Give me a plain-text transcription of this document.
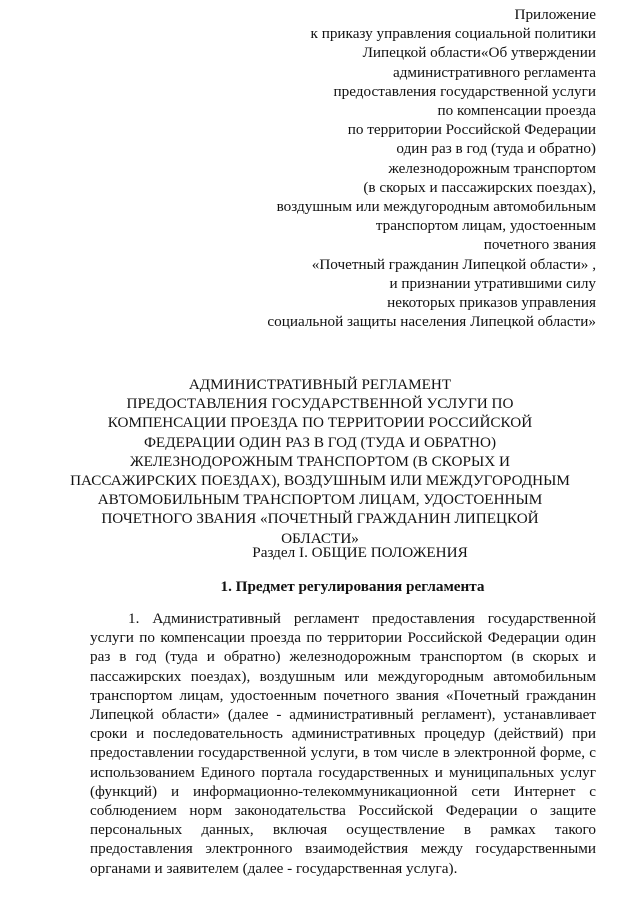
Приложение
к приказу управления социальной политики
Липецкой области«Об утверждении
административного регламента
предоставления государственной услуги
по компенсации проезда
по территории Российской Федерации
один раз в год (туда и обратно)
железнодорожным транспортом
(в скорых и пассажирских поездах),
воздушным или междугородным автомобильным
транспортом лицам, удостоенным
почетного звания
«Почетный гражданин Липецкой области» ,
и признании утратившими силу
некоторых приказов управления
социальной защиты населения Липецкой области»
АДМИНИСТРАТИВНЫЙ РЕГЛАМЕНТ
ПРЕДОСТАВЛЕНИЯ ГОСУДАРСТВЕННОЙ УСЛУГИ ПО
КОМПЕНСАЦИИ ПРОЕЗДА ПО ТЕРРИТОРИИ РОССИЙСКОЙ
ФЕДЕРАЦИИ ОДИН РАЗ В ГОД (ТУДА И ОБРАТНО)
ЖЕЛЕЗНОДОРОЖНЫМ ТРАНСПОРТОМ (В СКОРЫХ И
ПАССАЖИРСКИХ ПОЕЗДАХ), ВОЗДУШНЫМ ИЛИ МЕЖДУГОРОДНЫМ
АВТОМОБИЛЬНЫМ ТРАНСПОРТОМ ЛИЦАМ, УДОСТОЕННЫМ
ПОЧЕТНОГО ЗВАНИЯ «ПОЧЕТНЫЙ ГРАЖДАНИН ЛИПЕЦКОЙ
ОБЛАСТИ»
Раздел I. ОБЩИЕ ПОЛОЖЕНИЯ
1. Предмет регулирования регламента
1. Административный регламент предоставления государственной
услуги по компенсации проезда по территории Российской Федерации один
раз в год (туда и обратно) железнодорожным транспортом (в скорых и
пассажирских поездах), воздушным или междугородным автомобильным
транспортом лицам, удостоенным почетного звания «Почетный гражданин
Липецкой области» (далее - административный регламент), устанавливает
сроки и последовательность административных процедур (действий) при
предоставлении государственной услуги, в том числе в электронной форме, с
использованием Единого портала государственных и муниципальных услуг
(функций) и информационно-телекоммуникационной сети Интернет с
соблюдением норм законодательства Российской Федерации о защите
персональных данных, включая осуществление в рамках такого
предоставления электронного взаимодействия между государственными
органами и заявителем (далее - государственная услуга).
